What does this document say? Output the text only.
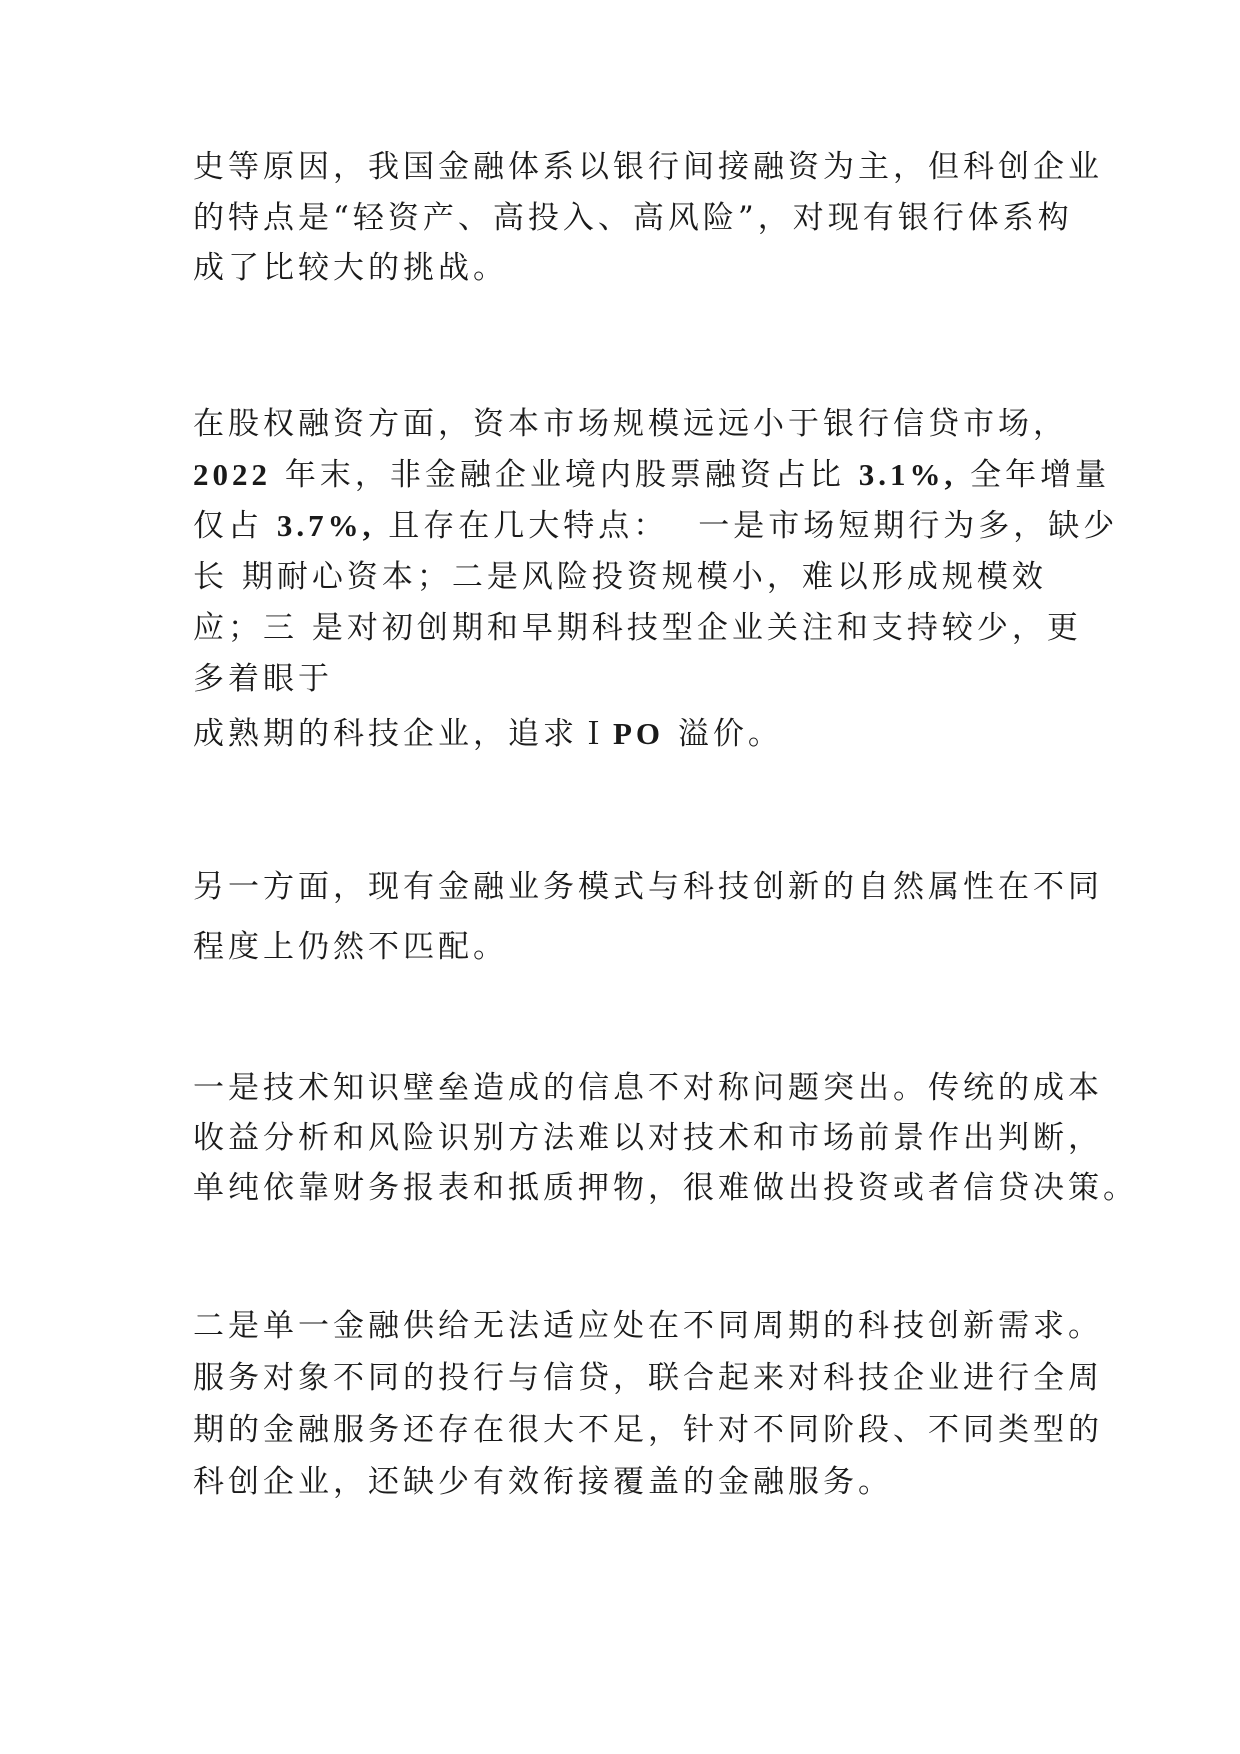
史等原因，我国金融体系以银行间接融资为主，但科创企业
的特点是“轻资产、高投入、高风险”，对现有银行体系构
成了比较大的挑战。
在股权融资方面，资本市场规模远远小于银行信贷市场，
2022 年末，非金融企业境内股票融资占比 3.1%, 全年增量
仅占 3.7%, 且存在几大特点： 一是市场短期行为多，缺少
长 期耐心资本；二是风险投资规模小，难以形成规模效
应；三 是对初创期和早期科技型企业关注和支持较少，更
多着眼于
成熟期的科技企业，追求ＩPO 溢价。
另一方面，现有金融业务模式与科技创新的自然属性在不同
程度上仍然不匹配。
一是技术知识壁垒造成的信息不对称问题突出。传统的成本
收益分析和风险识别方法难以对技术和市场前景作出判断，
单纯依靠财务报表和抵质押物，很难做出投资或者信贷决策。
二是单一金融供给无法适应处在不同周期的科技创新需求。
服务对象不同的投行与信贷，联合起来对科技企业进行全周
期的金融服务还存在很大不足，针对不同阶段、不同类型的
科创企业，还缺少有效衔接覆盖的金融服务。
